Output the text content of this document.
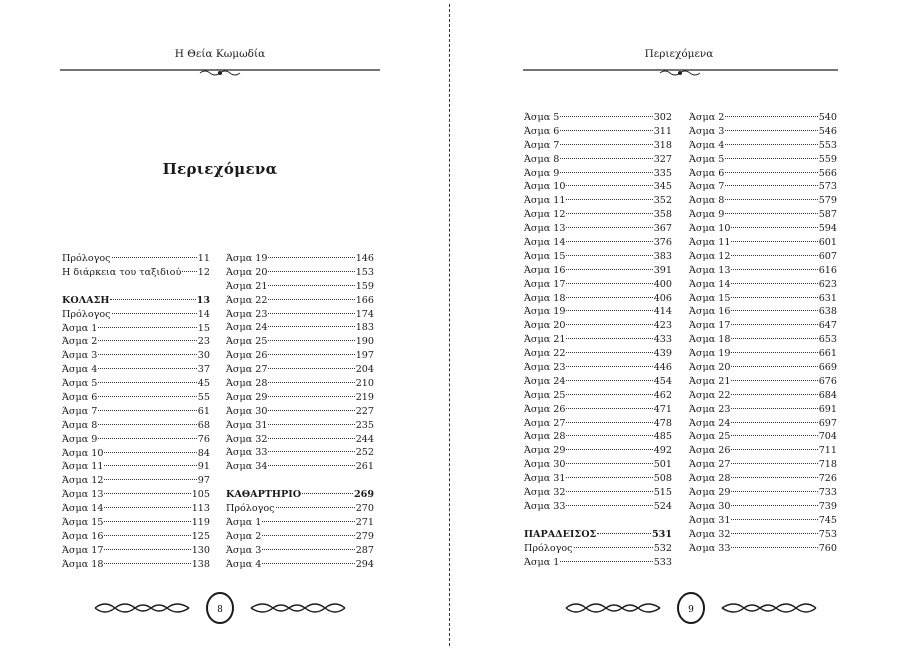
Η Θεία Κωμωδία
Περιεχόμενα
Πρόλογος	11
Η διάρκεια του ταξιδιού 12
ΚΟΛΑΣΗ	13
Πρόλογος	14
Άσμα 1	15
Άσμα 2	23
Άσμα 3	30
Άσμα 4	37
Άσμα 5	45
Άσμα 6	55
Άσμα 7	61
Άσμα 8	68
Άσμα 9	76
Άσμα 10	84
Άσμα 11	91
Άσμα 12	97
Άσμα 13	105
Άσμα 14	113
Άσμα 15	119
Άσμα 16	125
Άσμα 17	130
Άσμα 18	138
Άσμα 19	146
Άσμα 20	153
Άσμα 21	159
Άσμα 22	166
Άσμα 23	174
Άσμα 24	183
Άσμα 25	190
Άσμα 26	197
Άσμα 27	204
Άσμα 28	210
Άσμα 29	219
Άσμα 30	227
Άσμα 31	235
Άσμα 32	244
Άσμα 33	252
Άσμα 34	261
ΚΑΘΑΡΤΗΡΙΟ	269
Πρόλογος	270
Άσμα 1	271
Άσμα 2	279
Άσμα 3	287
Άσμα 4	294
8
Περιεχόμενα
Άσμα 5	302
Άσμα 6	311
Άσμα 7	318
Άσμα 8	327
Άσμα 9	335
Άσμα 10	345
Άσμα 11	352
Άσμα 12	358
Άσμα 13	367
Άσμα 14	376
Άσμα 15	383
Άσμα 16	391
Άσμα 17	400
Άσμα 18	406
Άσμα 19	414
Άσμα 20	423
Άσμα 21	433
Άσμα 22	439
Άσμα 23	446
Άσμα 24	454
Άσμα 25	462
Άσμα 26	471
Άσμα 27	478
Άσμα 28	485
Άσμα 29	492
Άσμα 30	501
Άσμα 31	508
Άσμα 32	515
Άσμα 33	524
ΠΑΡΑΔΕΙΣΟΣ	531
Πρόλογος	532
Άσμα 1	533
Άσμα 2	540
Άσμα 3	546
Άσμα 4	553
Άσμα 5	559
Άσμα 6	566
Άσμα 7	573
Άσμα 8	579
Άσμα 9	587
Άσμα 10	594
Άσμα 11	601
Άσμα 12	607
Άσμα 13	616
Άσμα 14	623
Άσμα 15	631
Άσμα 16	638
Άσμα 17	647
Άσμα 18	653
Άσμα 19	661
Άσμα 20	669
Άσμα 21	676
Άσμα 22	684
Άσμα 23	691
Άσμα 24	697
Άσμα 25	704
Άσμα 26	711
Άσμα 27	718
Άσμα 28	726
Άσμα 29	733
Άσμα 30	739
Άσμα 31	745
Άσμα 32	753
Άσμα 33	760
9
